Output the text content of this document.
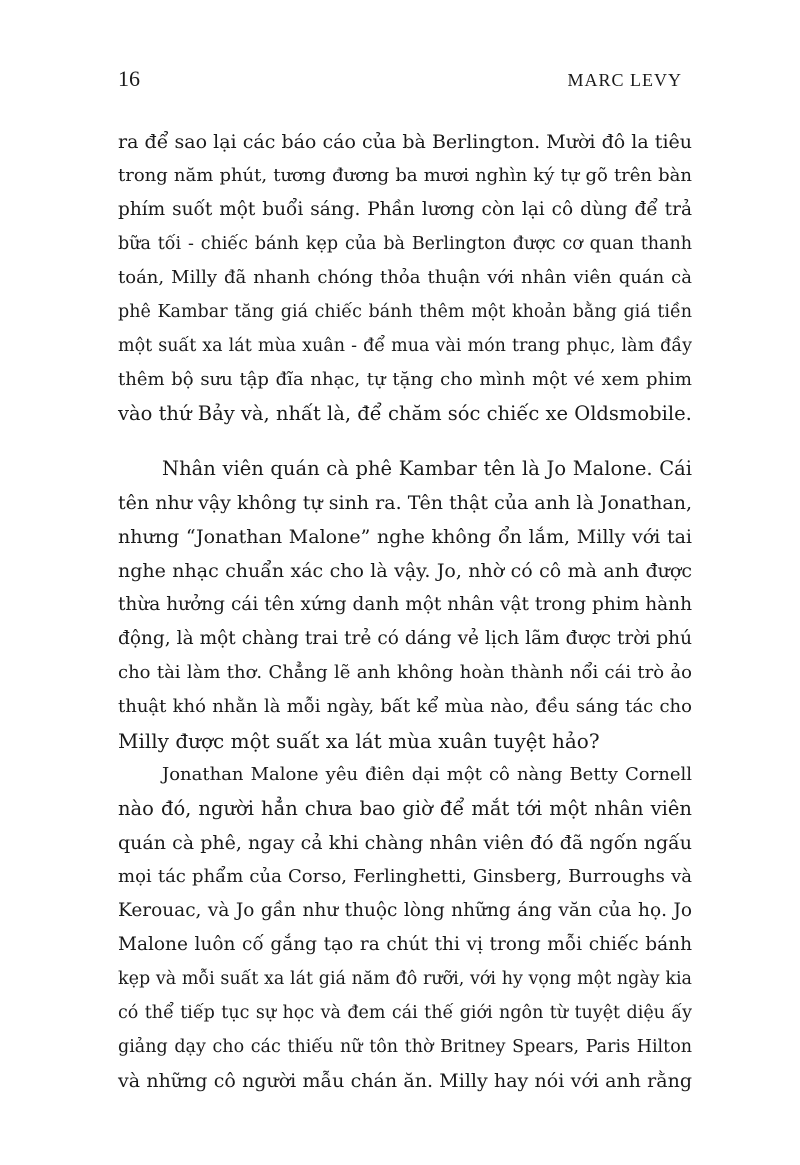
16	MARC LEVY
ra để sao lại các báo cáo của bà Berlington. Mười đô la tiêu
trong năm phút, tương đương ba mươi nghìn ký tự gõ trên bàn
phím suốt một buổi sáng. Phần lương còn lại cô dùng để trả
bữa tối - chiếc bánh kẹp của bà Berlington được cơ quan thanh
toán, Milly đã nhanh chóng thỏa thuận với nhân viên quán cà
phê Kambar tăng giá chiếc bánh thêm một khoản bằng giá tiền
một suất xa lát mùa xuân - để mua vài món trang phục, làm đầy
thêm bộ sưu tập đĩa nhạc, tự tặng cho mình một vé xem phim
vào thứ Bảy và, nhất là, để chăm sóc chiếc xe Oldsmobile.
Nhân viên quán cà phê Kambar tên là Jo Malone. Cái
tên như vậy không tự sinh ra. Tên thật của anh là Jonathan,
nhưng “Jonathan Malone” nghe không ổn lắm, Milly với tai
nghe nhạc chuẩn xác cho là vậy. Jo, nhờ có cô mà anh được
thừa hưởng cái tên xứng danh một nhân vật trong phim hành
động, là một chàng trai trẻ có dáng vẻ lịch lãm được trời phú
cho tài làm thơ. Chẳng lẽ anh không hoàn thành nổi cái trò ảo
thuật khó nhằn là mỗi ngày, bất kể mùa nào, đều sáng tác cho
Milly được một suất xa lát mùa xuân tuyệt hảo?
Jonathan Malone yêu điên dại một cô nàng Betty Cornell
nào đó, người hẳn chưa bao giờ để mắt tới một nhân viên
quán cà phê, ngay cả khi chàng nhân viên đó đã ngốn ngấu
mọi tác phẩm của Corso, Ferlinghetti, Ginsberg, Burroughs và
Kerouac, và Jo gần như thuộc lòng những áng văn của họ. Jo
Malone luôn cố gắng tạo ra chút thi vị trong mỗi chiếc bánh
kẹp và mỗi suất xa lát giá năm đô rưỡi, với hy vọng một ngày kia
có thể tiếp tục sự học và đem cái thế giới ngôn từ tuyệt diệu ấy
giảng dạy cho các thiếu nữ tôn thờ Britney Spears, Paris Hilton
và những cô người mẫu chán ăn. Milly hay nói với anh rằng
